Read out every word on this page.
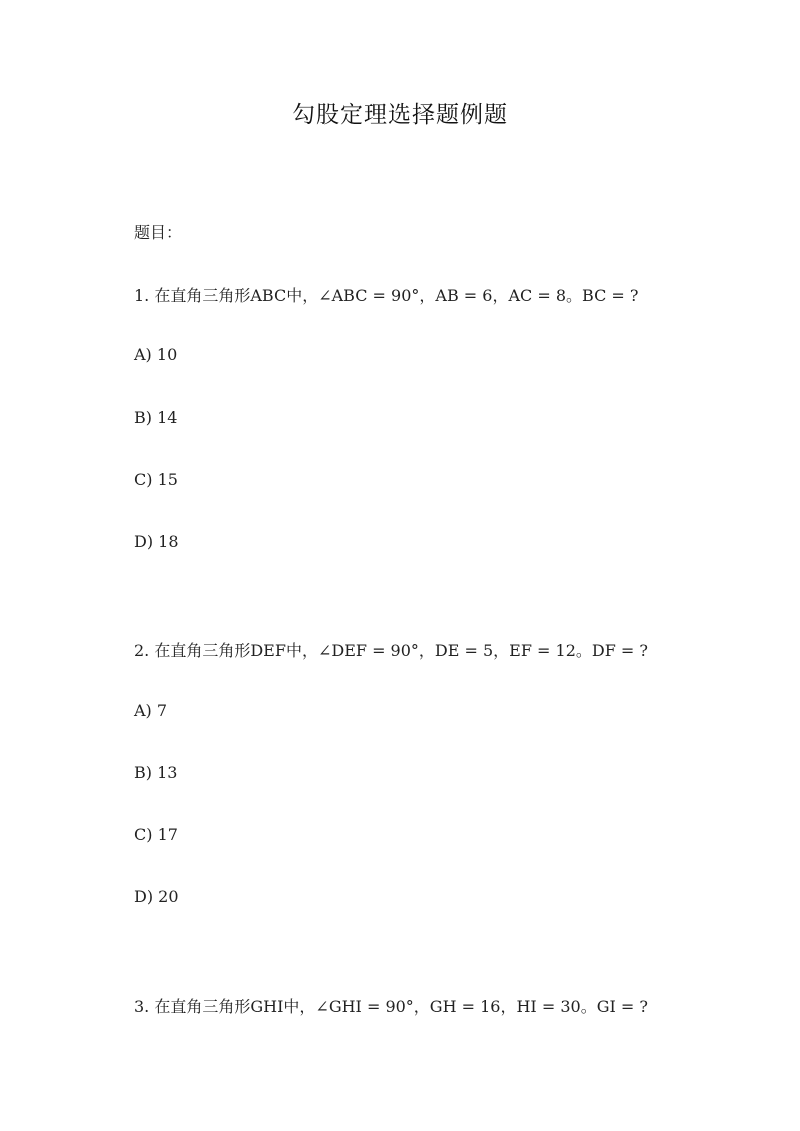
勾股定理选择题例题
题目：
1. 在直角三角形ABC中，∠ABC = 90°，AB = 6，AC = 8。BC = ?
A) 10
B) 14
C) 15
D) 18
2. 在直角三角形DEF中，∠DEF = 90°，DE = 5，EF = 12。DF = ?
A) 7
B) 13
C) 17
D) 20
3. 在直角三角形GHI中，∠GHI = 90°，GH = 16，HI = 30。GI = ?
